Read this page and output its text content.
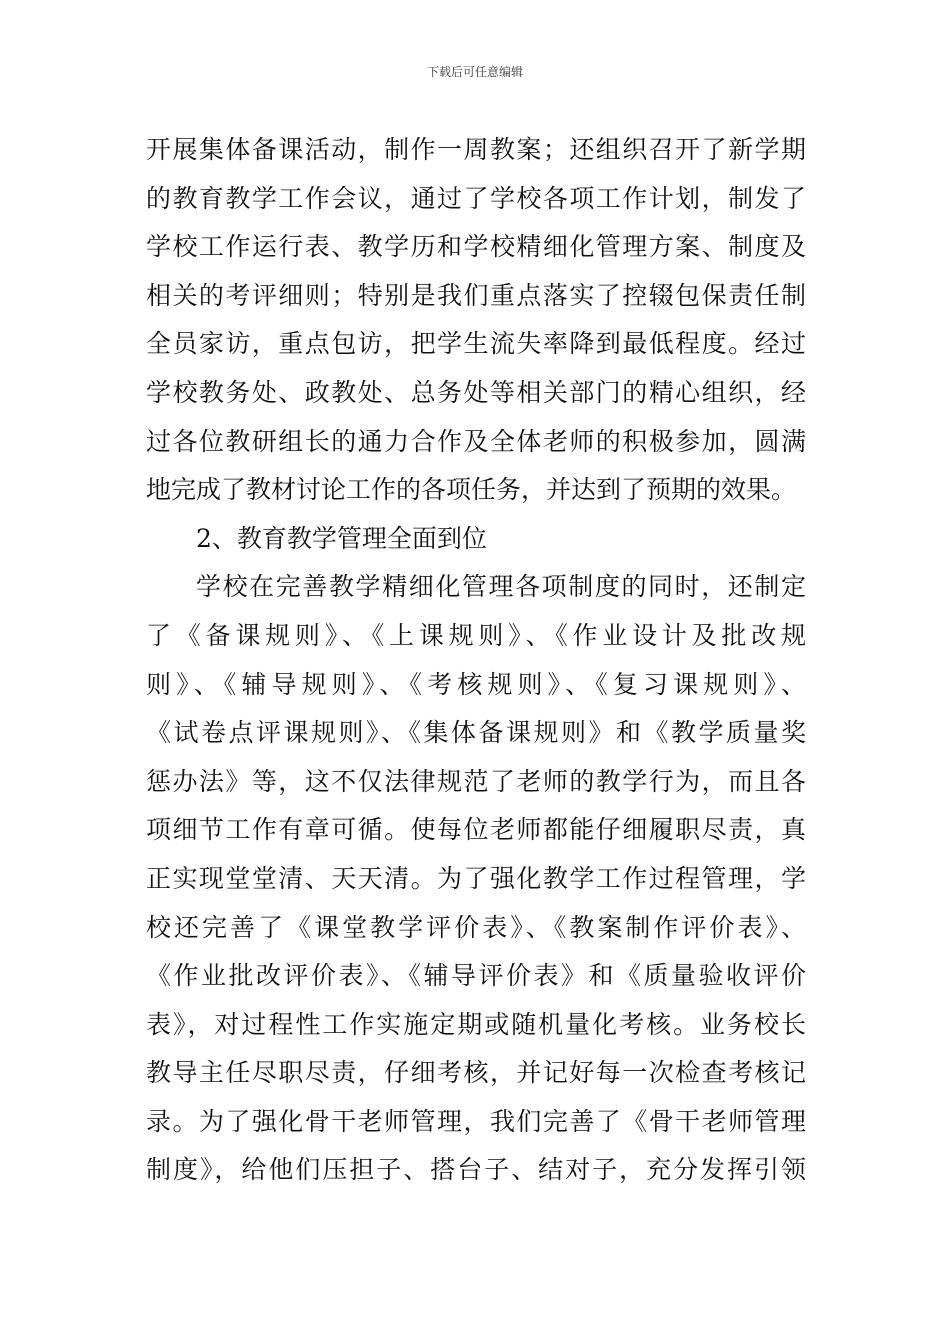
下载后可任意编辑
开展集体备课活动，制作一周教案；还组织召开了新学期
的教育教学工作会议，通过了学校各项工作计划，制发了
学校工作运行表、教学历和学校精细化管理方案、制度及
相关的考评细则；特别是我们重点落实了控辍包保责任制
全员家访，重点包访，把学生流失率降到最低程度。经过
学校教务处、政教处、总务处等相关部门的精心组织，经
过各位教研组长的通力合作及全体老师的积极参加，圆满
地完成了教材讨论工作的各项任务，并达到了预期的效果。
2、教育教学管理全面到位
学校在完善教学精细化管理各项制度的同时，还制定
了《备课规则》、《上课规则》、《作业设计及批改规
则》、《辅导规则》、《考核规则》、《复习课规则》、
《试卷点评课规则》、《集体备课规则》和《教学质量奖
惩办法》等，这不仅法律规范了老师的教学行为，而且各
项细节工作有章可循。使每位老师都能仔细履职尽责，真
正实现堂堂清、天天清。为了强化教学工作过程管理，学
校还完善了《课堂教学评价表》、《教案制作评价表》、
《作业批改评价表》、《辅导评价表》和《质量验收评价
表》，对过程性工作实施定期或随机量化考核。业务校长
教导主任尽职尽责，仔细考核，并记好每一次检查考核记
录。为了强化骨干老师管理，我们完善了《骨干老师管理
制度》，给他们压担子、搭台子、结对子，充分发挥引领
